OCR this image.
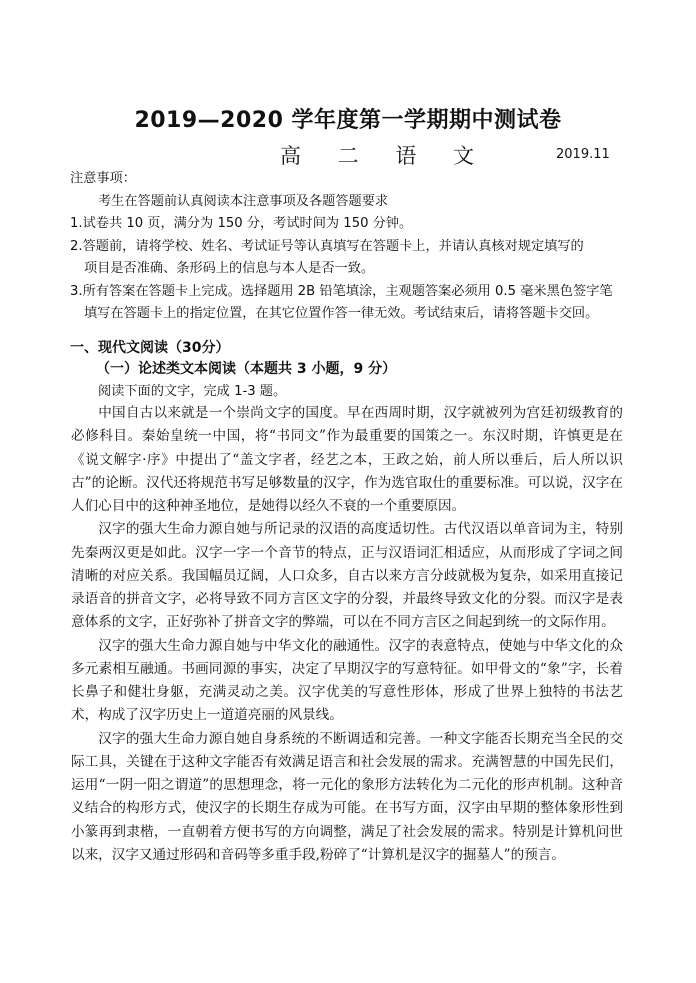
2019—2020 学年度第一学期期中测试卷
高 二 语 文	2019.11
注意事项：
考生在答题前认真阅读本注意事项及各题答题要求
1.试卷共 10 页，满分为 150 分，考试时间为 150 分钟。
2.答题前，请将学校、姓名、考试证号等认真填写在答题卡上，并请认真核对规定填写的
项目是否准确、条形码上的信息与本人是否一致。
3.所有答案在答题卡上完成。选择题用 2B 铅笔填涂，主观题答案必须用 0.5 毫米黑色签字笔
填写在答题卡上的指定位置，在其它位置作答一律无效。考试结束后，请将答题卡交回。
一、现代文阅读（30分）
（一）论述类文本阅读（本题共 3 小题，9 分）
阅读下面的文字，完成 1-3 题。

中国自古以来就是一个崇尚文字的国度。早在西周时期，汉字就被列为宫廷初级教育的必修科目。秦始皇统一中国，将“书同文”作为最重要的国策之一。东汉时期，许慎更是在《说文解字·序》中提出了“盖文字者，经艺之本，王政之始，前人所以垂后，后人所以识古”的论断。汉代还将规范书写足够数量的汉字，作为选官取仕的重要标准。可以说，汉字在人们心目中的这种神圣地位，是她得以经久不衰的一个重要原因。

汉字的强大生命力源自她与所记录的汉语的高度适切性。古代汉语以单音词为主，特别先秦两汉更是如此。汉字一字一个音节的特点，正与汉语词汇相适应，从而形成了字词之间清晰的对应关系。我国幅员辽阔，人口众多，自古以来方言分歧就极为复杂，如采用直接记录语音的拼音文字，必将导致不同方言区文字的分裂，并最终导致文化的分裂。而汉字是表意体系的文字，正好弥补了拼音文字的弊端，可以在不同方言区之间起到统一的文际作用。

汉字的强大生命力源自她与中华文化的融通性。汉字的表意特点，使她与中华文化的众多元素相互融通。书画同源的事实，决定了早期汉字的写意特征。如甲骨文的“象”字，长着长鼻子和健壮身躯，充满灵动之美。汉字优美的写意性形体，形成了世界上独特的书法艺术，构成了汉字历史上一道道亮丽的风景线。

汉字的强大生命力源自她自身系统的不断调适和完善。一种文字能否长期充当全民的交际工具，关键在于这种文字能否有效满足语言和社会发展的需求。充满智慧的中国先民们，运用“一阴一阳之谓道”的思想理念，将一元化的象形方法转化为二元化的形声机制。这种音义结合的构形方式，使汉字的长期生存成为可能。在书写方面，汉字由早期的整体象形性到小篆再到隶楷，一直朝着方便书写的方向调整，满足了社会发展的需求。特别是计算机问世以来，汉字又通过形码和音码等多重手段,粉碎了“计算机是汉字的掘墓人”的预言。
